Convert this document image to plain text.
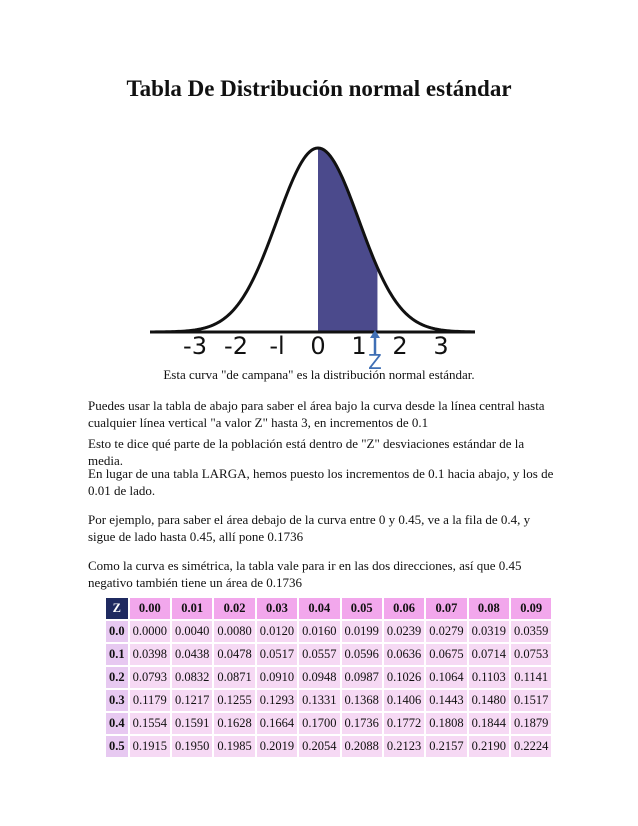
Tabla De Distribución normal estándar
-3 -2 -l 0 1 2 3
Z
Esta curva "de campana" es la distribución normal estándar.

Puedes usar la tabla de abajo para saber el área bajo la curva desde la línea central hasta cualquier línea vertical "a valor Z" hasta 3, en incrementos de 0.1

Esto te dice qué parte de la población está dentro de "Z" desviaciones estándar de la media.

En lugar de una tabla LARGA, hemos puesto los incrementos de 0.1 hacia abajo, y los de 0.01 de lado.

Por ejemplo, para saber el área debajo de la curva entre 0 y 0.45, ve a la fila de 0.4, y sigue de lado hasta 0.45, allí pone 0.1736

Como la curva es simétrica, la tabla vale para ir en las dos direcciones, así que 0.45 negativo también tiene un área de 0.1736

Z	0.00	0.01	0.02	0.03	0.04	0.05	0.06	0.07	0.08	0.09
0.0	0.0000	0.0040	0.0080	0.0120	0.0160	0.0199	0.0239	0.0279	0.0319	0.0359
0.1	0.0398	0.0438	0.0478	0.0517	0.0557	0.0596	0.0636	0.0675	0.0714	0.0753
0.2	0.0793	0.0832	0.0871	0.0910	0.0948	0.0987	0.1026	0.1064	0.1103	0.1141
0.3	0.1179	0.1217	0.1255	0.1293	0.1331	0.1368	0.1406	0.1443	0.1480	0.1517
0.4	0.1554	0.1591	0.1628	0.1664	0.1700	0.1736	0.1772	0.1808	0.1844	0.1879
0.5	0.1915	0.1950	0.1985	0.2019	0.2054	0.2088	0.2123	0.2157	0.2190	0.2224
